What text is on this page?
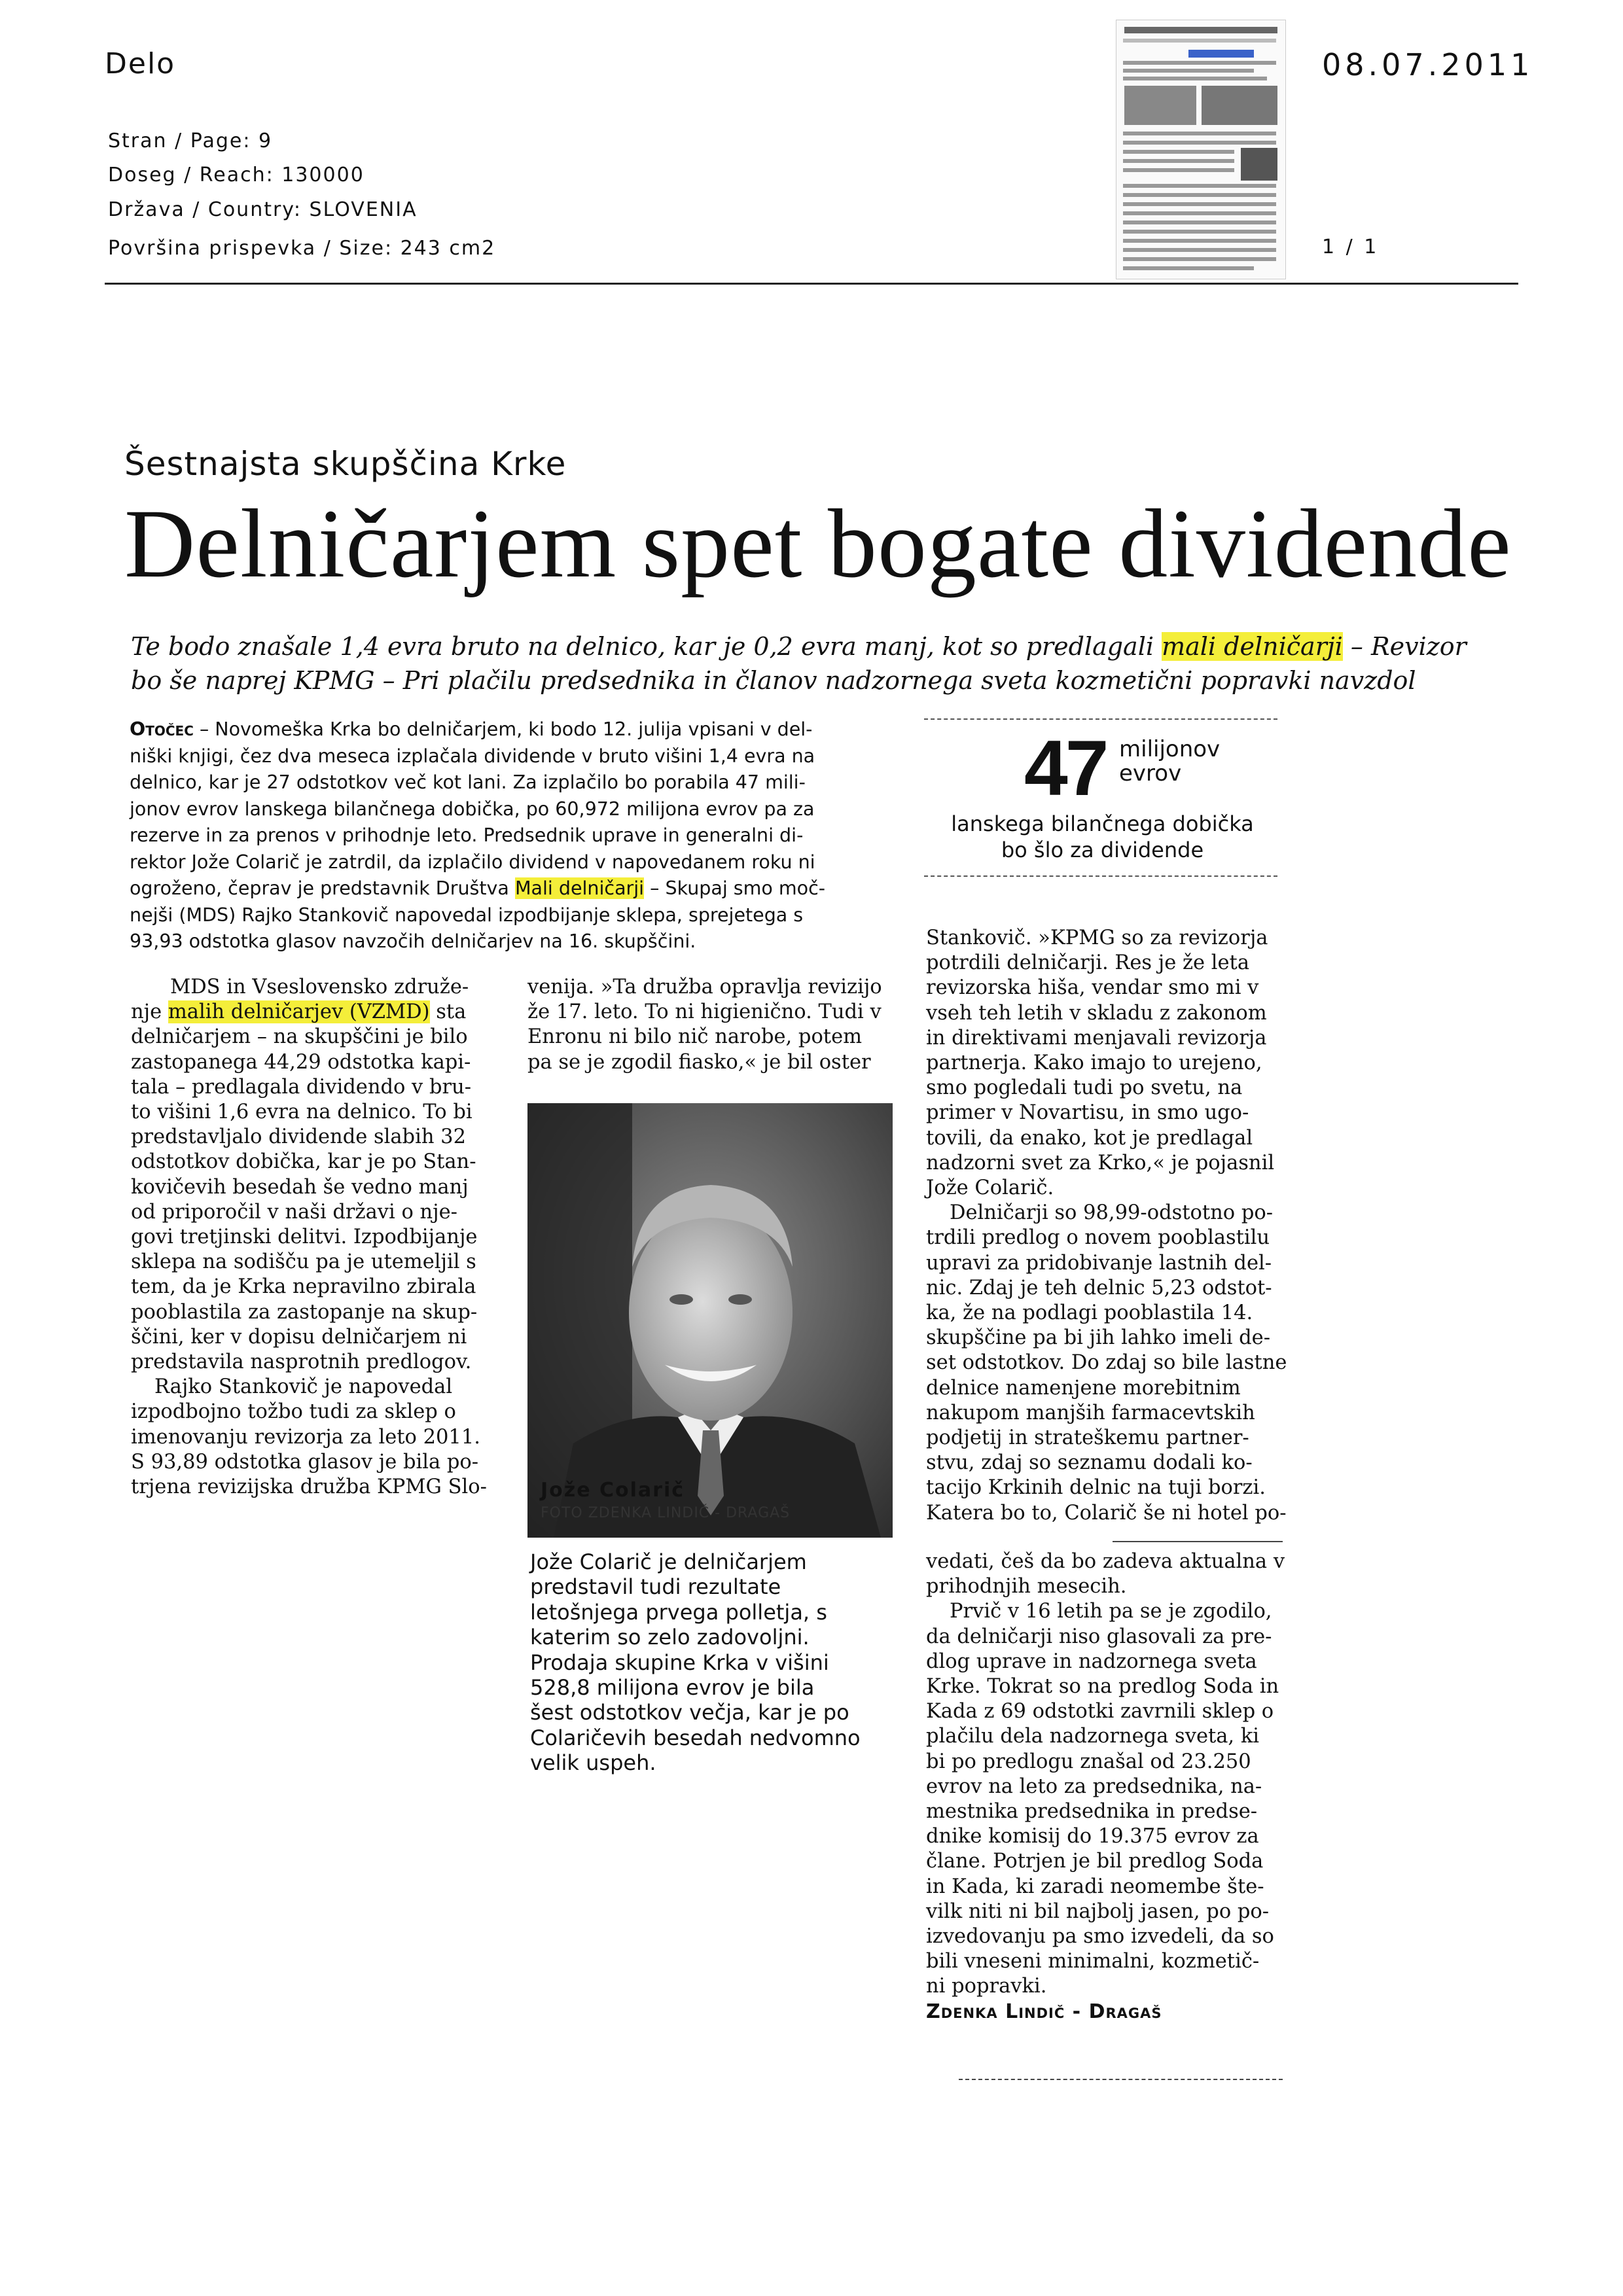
Delo	08.07.2011
Stran / Page: 9
Doseg / Reach: 130000
Država / Country: SLOVENIA
Površina prispevka / Size: 243 cm2	1 / 1
Šestnajsta skupščina Krke
Delničarjem spet bogate dividende
Te bodo znašale 1,4 evra bruto na delnico, kar je 0,2 evra manj, kot so predlagali mali delničarji – Revizor
bo še naprej KPMG – Pri plačilu predsednika in članov nadzornega sveta kozmetični popravki navzdol
Otočec – Novomeška Krka bo delničarjem, ki bodo 12. julija vpisani v del-
niški knjigi, čez dva meseca izplačala dividende v bruto višini 1,4 evra na
delnico, kar je 27 odstotkov več kot lani. Za izplačilo bo porabila 47 mili-
jonov evrov lanskega bilančnega dobička, po 60,972 milijona evrov pa za
rezerve in za prenos v prihodnje leto. Predsednik uprave in generalni di-
rektor Jože Colarič je zatrdil, da izplačilo dividend v napovedanem roku ni
ogroženo, čeprav je predstavnik Društva Mali delničarji – Skupaj smo moč-
nejši (MDS) Rajko Stankovič napovedal izpodbijanje sklepa, sprejetega s
93,93 odstotka glasov navzočih delničarjev na 16. skupščini.
47 milijonov
evrov
lanskega bilančnega dobička
bo šlo za dividende
MDS in Vseslovensko združe-
nje malih delničarjev (VZMD) sta
delničarjem – na skupščini je bilo
zastopanega 44,29 odstotka kapi-
tala – predlagala dividendo v bru-
to višini 1,6 evra na delnico. To bi
predstavljalo dividende slabih 32
odstotkov dobička, kar je po Stan-
kovičevih besedah še vedno manj
od priporočil v naši državi o nje-
govi tretjinski delitvi. Izpodbijanje
sklepa na sodišču pa je utemeljil s
tem, da je Krka nepravilno zbirala
pooblastila za zastopanje na skup-
ščini, ker v dopisu delničarjem ni
predstavila nasprotnih predlogov.
Rajko Stankovič je napovedal
izpodbojno tožbo tudi za sklep o
imenovanju revizorja za leto 2011.
S 93,89 odstotka glasov je bila po-
trjena revizijska družba KPMG Slo-
venija. »Ta družba opravlja revizijo
že 17. leto. To ni higienično. Tudi v
Enronu ni bilo nič narobe, potem
pa se je zgodil fiasko,« je bil oster
Jože Colarič
FOTO ZDENKA LINDIČ - DRAGAŠ
Jože Colarič je delničarjem
predstavil tudi rezultate
letošnjega prvega polletja, s
katerim so zelo zadovoljni.
Prodaja skupine Krka v višini
528,8 milijona evrov je bila
šest odstotkov večja, kar je po
Colaričevih besedah nedvomno
velik uspeh.
Stankovič. »KPMG so za revizorja
potrdili delničarji. Res je že leta
revizorska hiša, vendar smo mi v
vseh teh letih v skladu z zakonom
in direktivami menjavali revizorja
partnerja. Kako imajo to urejeno,
smo pogledali tudi po svetu, na
primer v Novartisu, in smo ugo-
tovili, da enako, kot je predlagal
nadzorni svet za Krko,« je pojasnil
Jože Colarič.
Delničarji so 98,99-odstotno po-
trdili predlog o novem pooblastilu
upravi za pridobivanje lastnih del-
nic. Zdaj je teh delnic 5,23 odstot-
ka, že na podlagi pooblastila 14.
skupščine pa bi jih lahko imeli de-
set odstotkov. Do zdaj so bile lastne
delnice namenjene morebitnim
nakupom manjših farmacevtskih
podjetij in strateškemu partner-
stvu, zdaj so seznamu dodali ko-
tacijo Krkinih delnic na tuji borzi.
Katera bo to, Colarič še ni hotel po-
vedati, češ da bo zadeva aktualna v
prihodnjih mesecih.
Prvič v 16 letih pa se je zgodilo,
da delničarji niso glasovali za pre-
dlog uprave in nadzornega sveta
Krke. Tokrat so na predlog Soda in
Kada z 69 odstotki zavrnili sklep o
plačilu dela nadzornega sveta, ki
bi po predlogu znašal od 23.250
evrov na leto za predsednika, na-
mestnika predsednika in predse-
dnike komisij do 19.375 evrov za
člane. Potrjen je bil predlog Soda
in Kada, ki zaradi neomembe šte-
vilk niti ni bil najbolj jasen, po po-
izvedovanju pa smo izvedeli, da so
bili vneseni minimalni, kozmetič-
ni popravki.
Zdenka Lindič - Dragaš
